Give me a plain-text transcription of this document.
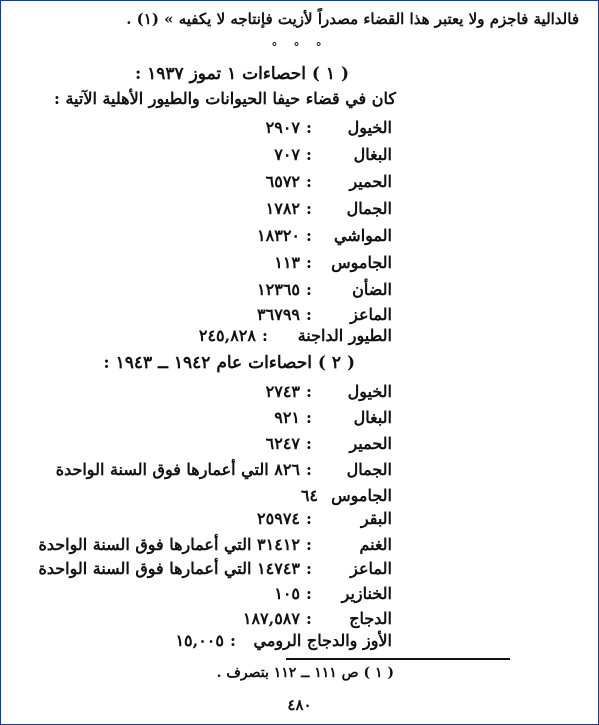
فالدالية فاجزم ولا يعتبر هذا القضاء مصدراً لأزيت فإنتاجه لا يكفيه » (١) .
° ° °
( ١ ) احصاءات ١ تموز ١٩٣٧ :
كان في قضاء حيفا الحيوانات والطيور الأهلية الآتية :
الخيول:٢٩٠٧
البغال:٧٠٧
الحمير:٦٥٧٢
الجمال:١٧٨٢
المواشي:١٨٣٢٠
الجاموس:١١٣
الضأن:١٢٣٦٥
الماعز:٣٦٧٩٩
الطيور الداجنة:٢٤٥,٨٢٨
( ٢ ) احصاءات عام ١٩٤٢ ــ ١٩٤٣ :
الخيول:٢٧٤٣
البغال:٩٢١
الحمير:٦٢٤٧
الجمال:٨٢٦ التي أعمارها فوق السنة الواحدة
الجاموس٦٤
البقر:٢٥٩٧٤
الغنم:٣١٤١٢ التي أعمارها فوق السنة الواحدة
الماعز:١٤٧٤٣ التي أعمارها فوق السنة الواحدة
الخنازير:١٠٥
الدجاج:١٨٧,٥٨٧
الأوز والدجاج الرومي:١٥,٠٠٥
( ١ ) ص ١١١ ــ ١١٢ بتصرف .
٤٨٠
